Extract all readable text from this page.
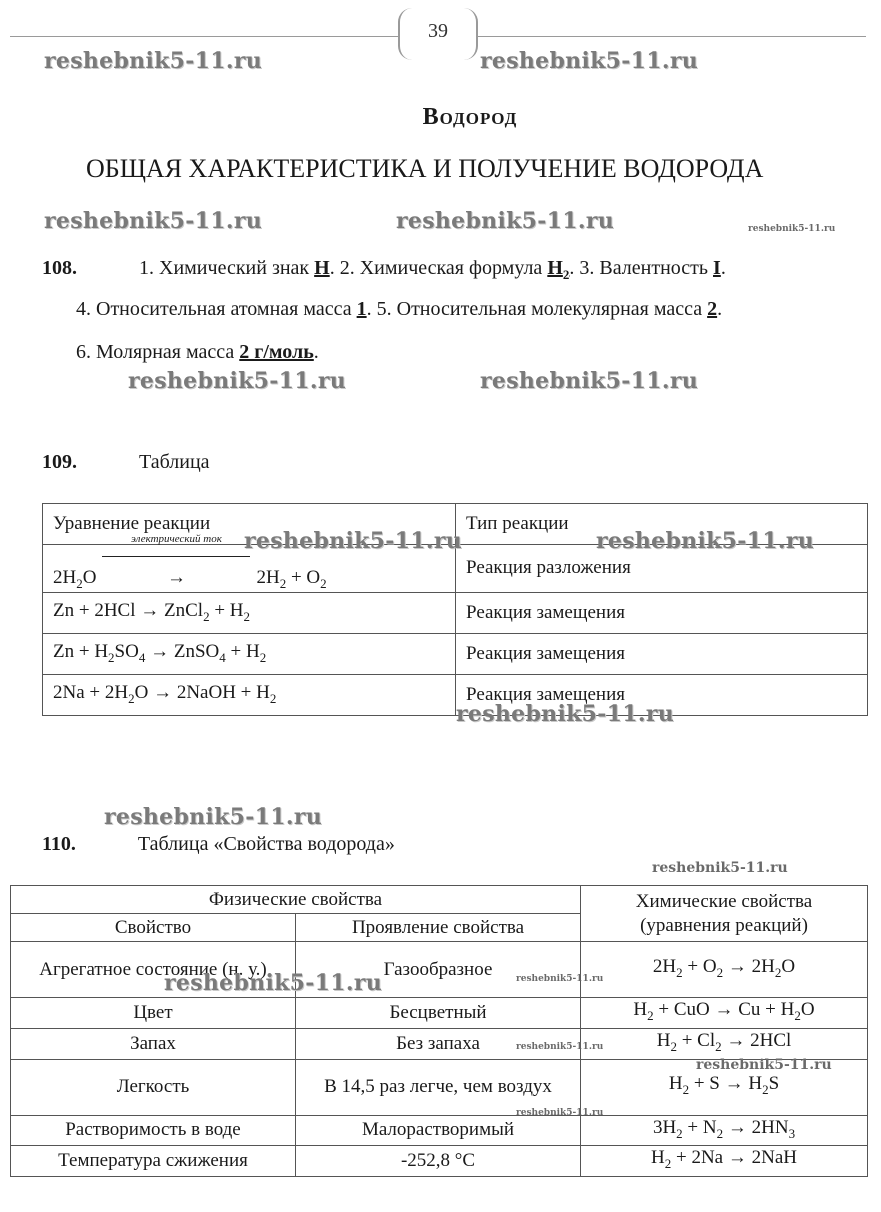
39
reshebnik5-11.ru	reshebnik5-11.ru
reshebnik5-11.ru	reshebnik5-11.ru	reshebnik5-11.ru
reshebnik5-11.ru	reshebnik5-11.ru
Водород
ОБЩАЯ ХАРАКТЕРИСТИКА И ПОЛУЧЕНИЕ ВОДОРОДА
108.	1. Химический знак H. 2. Химическая формула $H_2$. 3. Валентность I.
4. Относительная атомная масса 1. 5. Относительная молекулярная масса 2.
6. Молярная масса 2 г/моль.
109.	Таблица
Уравнение реакции	Тип реакции
$2H_2O$
электрический ток
→ $2H_2 + O_2$	Реакция разложения
Zn + 2HCl → ZnCl$_2$ + $H_2$	Реакция замещения
$Zn + H_2SO_4$ → ZnSO$_4$ + $H_2$	Реакция замещения
$2Na + 2H_2O$ → 2NaOH + $H_2$	Реакция замещения
reshebnik5-11.ru	reshebnik5-11.ru
reshebnik5-11.ru
reshebnik5-11.ru
110.	Таблица «Свойства водорода»
reshebnik5-11.ru
Физические свойства		Химические свойства
(уравнения реакций)

Свойство	Проявление свойства	
Агрегатное состояние (н. у.)	Газообразное	$2H_2 + O_2 \to 2H_2O$
Цвет	Бесцветный	$H_2$ + CuO → $Cu + H_2O$
Запах	Без запаха	$H_2 + Cl_2 \to 2HCl$
Легкость	В 14,5 раз легче, чем воздух	$H_2 + S \to H_2S$
Растворимость в воде	Малорастворимый	$3H_2 + N_2 \to 2HN_3$
Температура сжижения	-252,8 °С	$H_2 + 2Na \to 2NaH$
reshebnik5-11.ru	reshebnik5-11.ru
reshebnik5-11.ru
reshebnik5-11.ru
reshebnik5-11.ru
